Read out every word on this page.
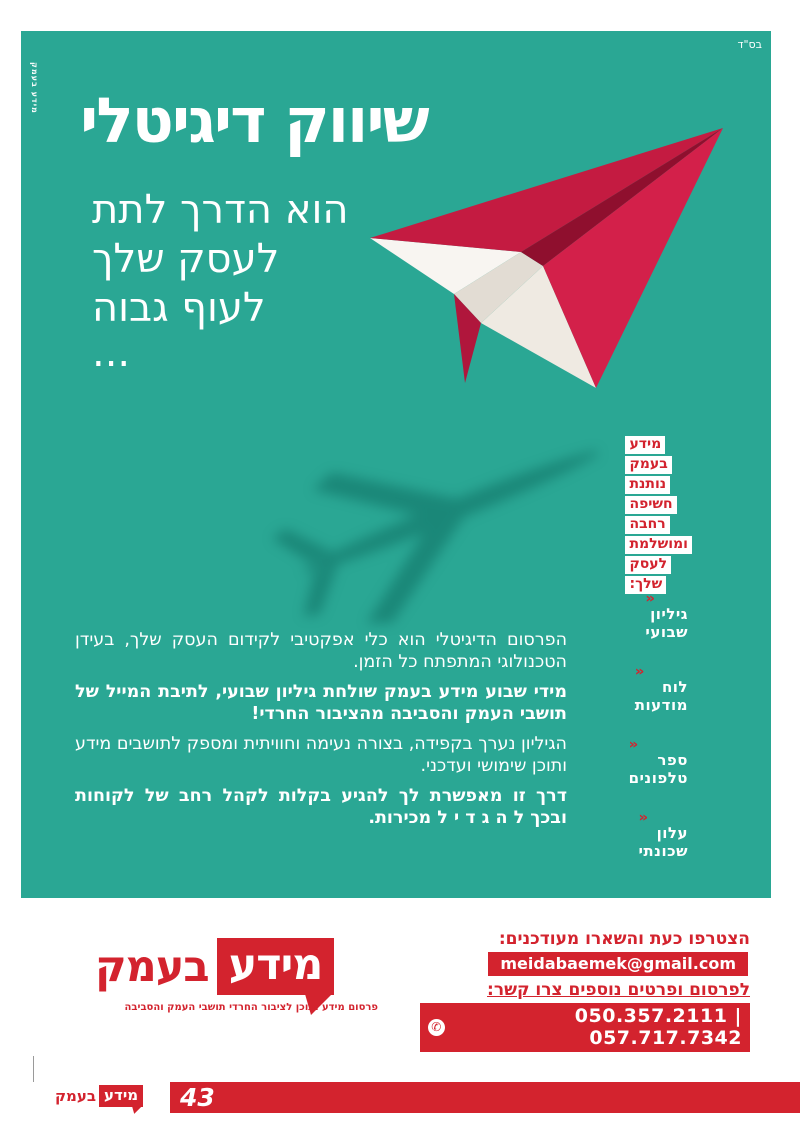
בס"ד
מידע בעמק שיווק דיגיטלי
הוא הדרך לתת
לעסק שלך
לעוף גבוה
...
מידע
בעמק
נותנת
חשיפה
רחבה
ומושלמת
לעסק
שלך:
«
גיליון
שבועי
«
לוח
מודעות
«
ספר
טלפונים
«
עלון
שכונתי

הפרסום הדיגיטלי הוא כלי אפקטיבי לקידום העסק שלך, בעידן הטכנולוגי המתפתח כל הזמן.

מידי שבוע מידע בעמק שולחת גיליון שבועי, לתיבת המייל של תושבי העמק והסביבה מהציבור החרדי!

הגיליון נערך בקפידה, בצורה נעימה וחוויתית ומספק לתושבים מידע ותוכן שימושי ועדכני.

דרך זו מאפשרת לך להגיע בקלות לקהל רחב של לקוחות ובכך ל ה ג ד י ל מכירות.

מידע
בעמק
פרסום מידע ותוכן לציבור החרדי תושבי העמק והסביבה
הצטרפו כעת והשארו מעודכנים:
meidabaemek@gmail.com
לפרסום ופרטים נוספים צרו קשר:
✆	050.357.2111 | 057.717.7342
43
מידע
בעמק
